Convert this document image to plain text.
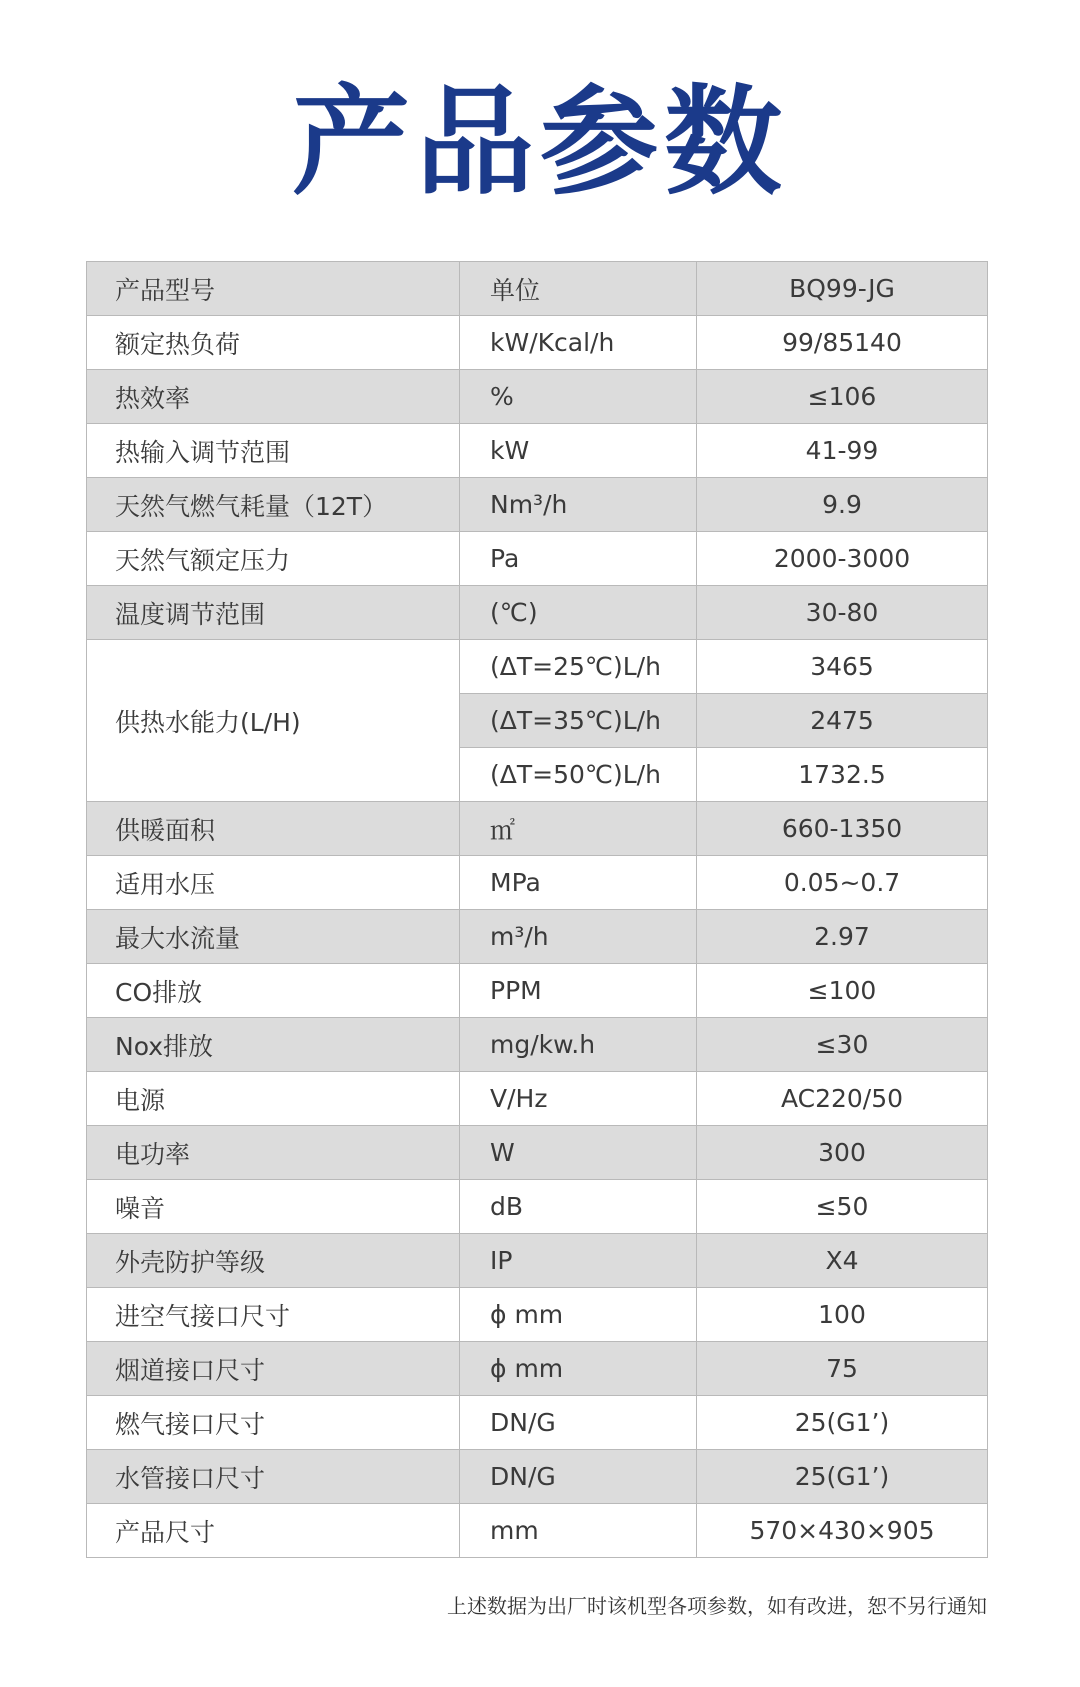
产品参数
产品型号	单位	BQ99-JG
额定热负荷	kW/Kcal/h	99/85140
热效率	%	≤106
热输入调节范围	kW	41-99
天然气燃气耗量（12T）	Nm³/h	9.9
天然气额定压力	Pa	2000-3000
温度调节范围	(℃)	30-80
供热水能力(L/H)	(ΔT=25℃)L/h	3465
	(ΔT=35℃)L/h	2475
	(ΔT=50℃)L/h	1732.5
供暖面积	㎡	660-1350
适用水压	MPa	0.05~0.7
最大水流量	m³/h	2.97
CO排放	PPM	≤100
Nox排放	mg/kw.h	≤30
电源	V/Hz	AC220/50
电功率	W	300
噪音	dB	≤50
外壳防护等级	IP	X4
进空气接口尺寸	ϕ mm	100
烟道接口尺寸	ϕ mm	75
燃气接口尺寸	DN/G	25(G1’)
水管接口尺寸	DN/G	25(G1’)
产品尺寸	mm	570×430×905
上述数据为出厂时该机型各项参数，如有改进，恕不另行通知
